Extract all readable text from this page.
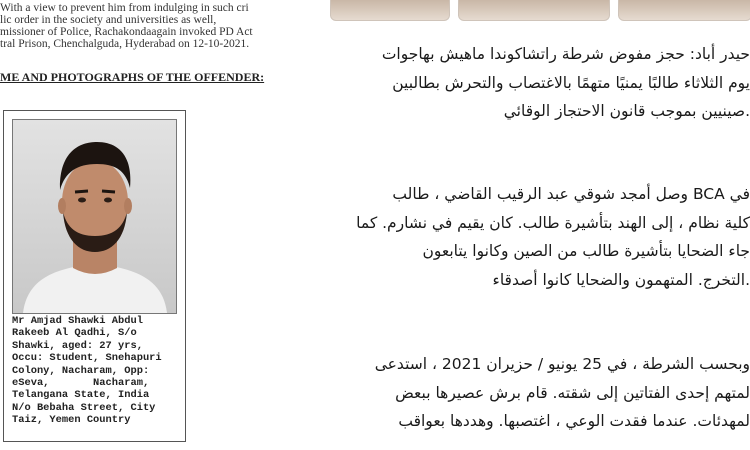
With a view to prevent him from indulging in such cri
lic order in the society and universities as well,
missioner of Police, Rachakondaagain invoked PD Act
tral Prison, Chenchalguda, Hyderabad on 12-10-2021.
ME AND PHOTOGRAPHS OF THE OFFENDER:
Mr Amjad Shawki Abdul
Rakeeb Al Qadhi, S/o
Shawki, aged: 27 yrs,
Occu: Student, Snehapuri
Colony, Nacharam, Opp:
eSeva,       Nacharam,
Telangana State, India
N/o Bebaha Street, City
Taiz, Yemen Country
حيدر أباد: حجز مفوض شرطة راتشاكوندا ماهيش بهاجوات
يوم الثلاثاء طالبًا يمنيًا متهمًا بالاغتصاب والتحرش بطالبين
.صينيين بموجب قانون الاحتجاز الوقائي
في BCA وصل أمجد شوقي عبد الرقيب القاضي ، طالب
كلية نظام ، إلى الهند بتأشيرة طالب. كان يقيم في نشارم. كما
جاء الضحايا بتأشيرة طالب من الصين وكانوا يتابعون
.التخرج. المتهمون والضحايا كانوا أصدقاء
وبحسب الشرطة ، في 25 يونيو / حزيران 2021 ، استدعى
لمتهم إحدى الفتاتين إلى شقته. قام برش عصيرها ببعض
لمهدئات. عندما فقدت الوعي ، اغتصبها. وهددها بعواقب
